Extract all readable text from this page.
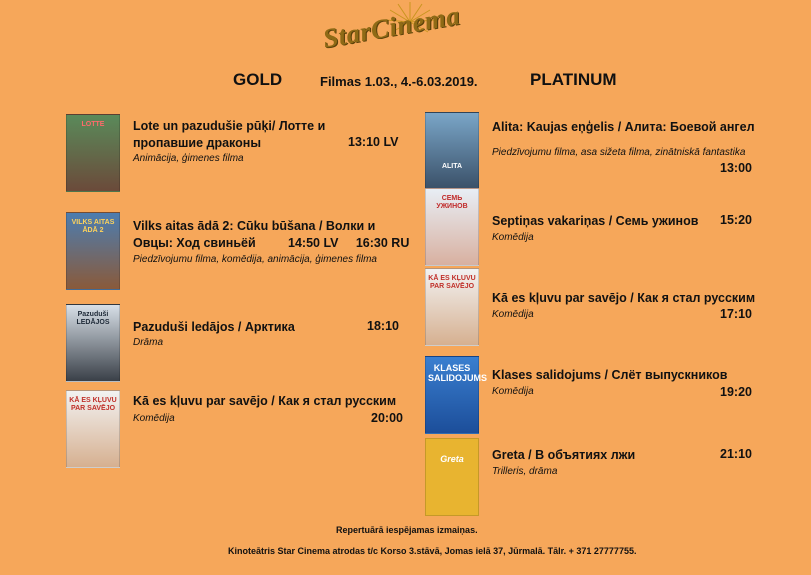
StarCinema
GOLD	Filmas 1.03., 4.-6.03.2019.	PLATINUM
LOTTE	Lote un pazudušie pūķi/ Лотте и пропавшие драконы	13:10 LV
Animācija, ģimenes filma
VILKS AITAS ĀDĀ 2	Vilks aitas ādā 2: Cūku būšana / Волки и Овцы: Ход свиньёй	14:50 LV     16:30 RU
Piedzīvojumu filma, komēdija, animācija, ģimenes filma
Pazuduši LEDĀJOS	Pazuduši ledājos / Арктика	18:10
Drāma
KĀ ES KĻUVU PAR SAVĒJO
Kā es kļuvu par savējo / Как я стал русским
20:00
Komēdija
ALITA
Alita: Kaujas eņģelis / Алита: Боевой ангел
Piedzīvojumu filma, asa sižeta filma, zinātniskā fantastika
13:00
СЕМЬ УЖИНОВ
Septiņas vakariņas / Семь ужинов	15:20
Komēdija
KĀ ES KĻUVU PAR SAVĒJO
Kā es kļuvu par savējo / Как я стал русским
Komēdija	17:10
KLASES SALIDOJUMS Klases salidojums / Слёт выпускников
Komēdija	19:20
Greta	Greta / В объятиях лжи	21:10
Trilleris, drāma
Repertuārā iespējamas izmaiņas.
Kinoteātris Star Cinema atrodas t/c Korso 3.stāvā, Jomas ielā 37, Jūrmalā. Tālr. + 371 27777755.
